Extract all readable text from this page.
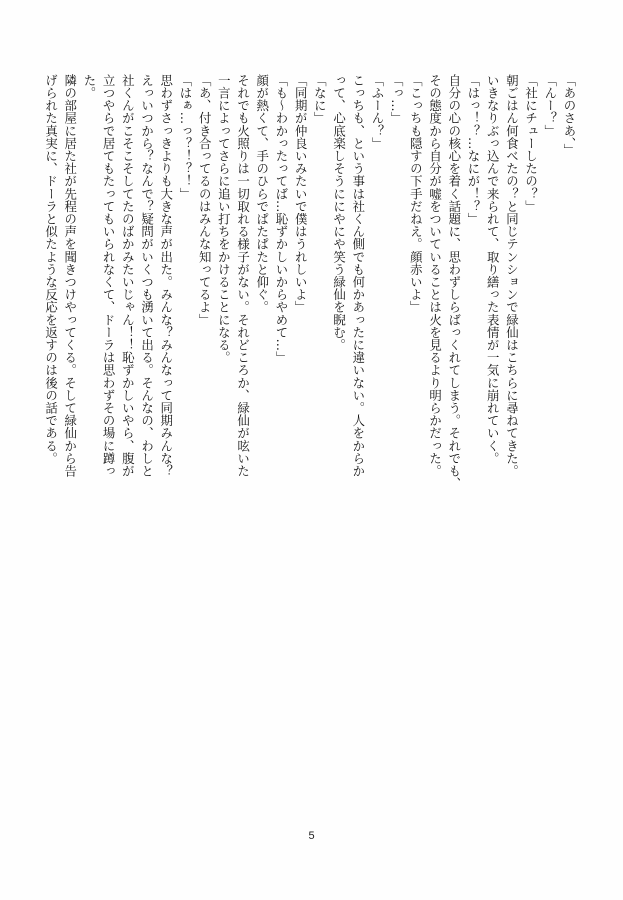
「あのさあ、」
「んー？」
「社にチューしたの？」
朝ごはん何食べたの？と同じテンションで緑仙はこちらに尋ねてきた。
いきなりぶっ込んで来られて、取り繕った表情が一気に崩れていく。
「はっ！？…なにが！？」
自分の心の核心を着く話題に、思わずしらばっくれてしまう。それでも、
その態度から自分が嘘をついていることは火を見るより明らかだった。
「こっちも隠すの下手だねえ。顔赤いよ」
「っ…」
「ふーん？」
こっちも、という事は社くん側でも何かあったに違いない。人をからか
って、心底楽しそうににやにや笑う緑仙を睨む。
「なに」
「同期が仲良いみたいで僕はうれしいよ」
「も～わかったってば…恥ずかしいからやめて…」
顔が熱くて、手のひらでぱたぱたと仰ぐ。
それでも火照りは一切取れる様子がない。それどころか、緑仙が呟いた
一言によってさらに追い打ちをかけることになる。
「あ、付き合ってるのはみんな知ってるよ」
「はぁ…っ？！？！」
思わずさっきよりも大きな声が出た。みんな？みんなって同期みんな？
えっいつから？なんで？疑問がいくつも湧いて出る。そんなの、わしと
社くんがこそこそしてたのばかみたいじゃん！！恥ずかしいやら、腹が
立つやらで居てもたってもいられなくて、ドーラは思わずその場に蹲っ
た。
隣の部屋に居た社が先程の声を聞きつけやってくる。そして緑仙から告
げられた真実に、ドーラと似たような反応を返すのは後の話である。
5
